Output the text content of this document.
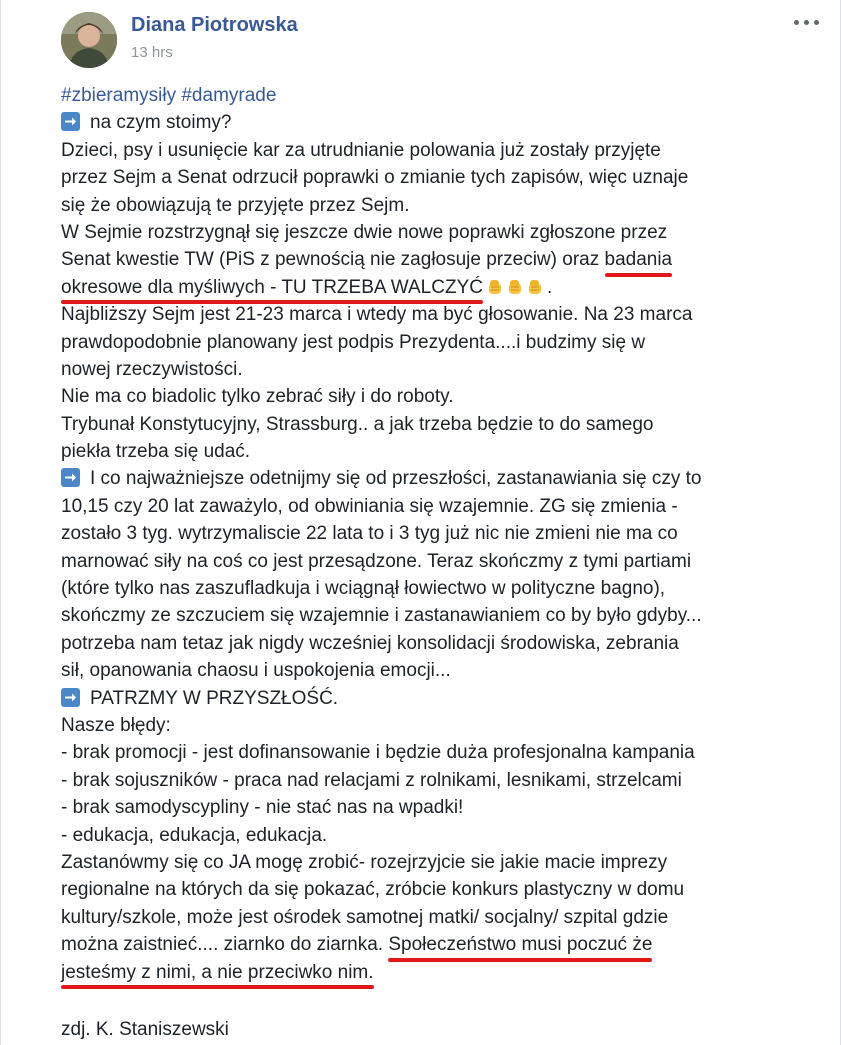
Diana Piotrowska
13 hrs
#zbieramysiły #damyrade
na czym stoimy?
Dzieci, psy i usunięcie kar za utrudnianie polowania już zostały przyjęte
przez Sejm a Senat odrzucił poprawki o zmianie tych zapisów, więc uznaje
się że obowiązują te przyjęte przez Sejm.
W Sejmie rozstrzygnął się jeszcze dwie nowe poprawki zgłoszone przez
Senat kwestie TW (PiS z pewnością nie zagłosuje przeciw) oraz badania
okresowe dla myśliwych - TU TRZEBA WALCZYĆ	.
Najbliższy Sejm jest 21-23 marca i wtedy ma być głosowanie. Na 23 marca
prawdopodobnie planowany jest podpis Prezydenta....i budzimy się w
nowej rzeczywistości.
Nie ma co biadolic tylko zebrać siły i do roboty.
Trybunał Konstytucyjny, Strassburg.. a jak trzeba będzie to do samego
piekła trzeba się udać.
I co najważniejsze odetnijmy się od przeszłości, zastanawiania się czy to
10,15 czy 20 lat zaważylo, od obwiniania się wzajemnie. ZG się zmienia -
zostało 3 tyg. wytrzymaliscie 22 lata to i 3 tyg już nic nie zmieni nie ma co
marnować siły na coś co jest przesądzone. Teraz skończmy z tymi partiami
(które tylko nas zaszufladkuja i wciągnął łowiectwo w polityczne bagno),
skończmy ze szczuciem się wzajemnie i zastanawianiem co by było gdyby...
potrzeba nam tetaz jak nigdy wcześniej konsolidacji środowiska, zebrania
sił, opanowania chaosu i uspokojenia emocji...
PATRZMY W PRZYSZŁOŚĆ.
Nasze błędy:
- brak promocji - jest dofinansowanie i będzie duża profesjonalna kampania
- brak sojuszników - praca nad relacjami z rolnikami, lesnikami, strzelcami
- brak samodyscypliny - nie stać nas na wpadki!
- edukacja, edukacja, edukacja.
Zastanówmy się co JA mogę zrobić- rozejrzyjcie sie jakie macie imprezy
regionalne na których da się pokazać, zróbcie konkurs plastyczny w domu
kultury/szkole, może jest ośrodek samotnej matki/ socjalny/ szpital gdzie
można zaistnieć.... ziarnko do ziarnka. Społeczeństwo musi poczuć że
jesteśmy z nimi, a nie przeciwko nim.
zdj. K. Staniszewski
